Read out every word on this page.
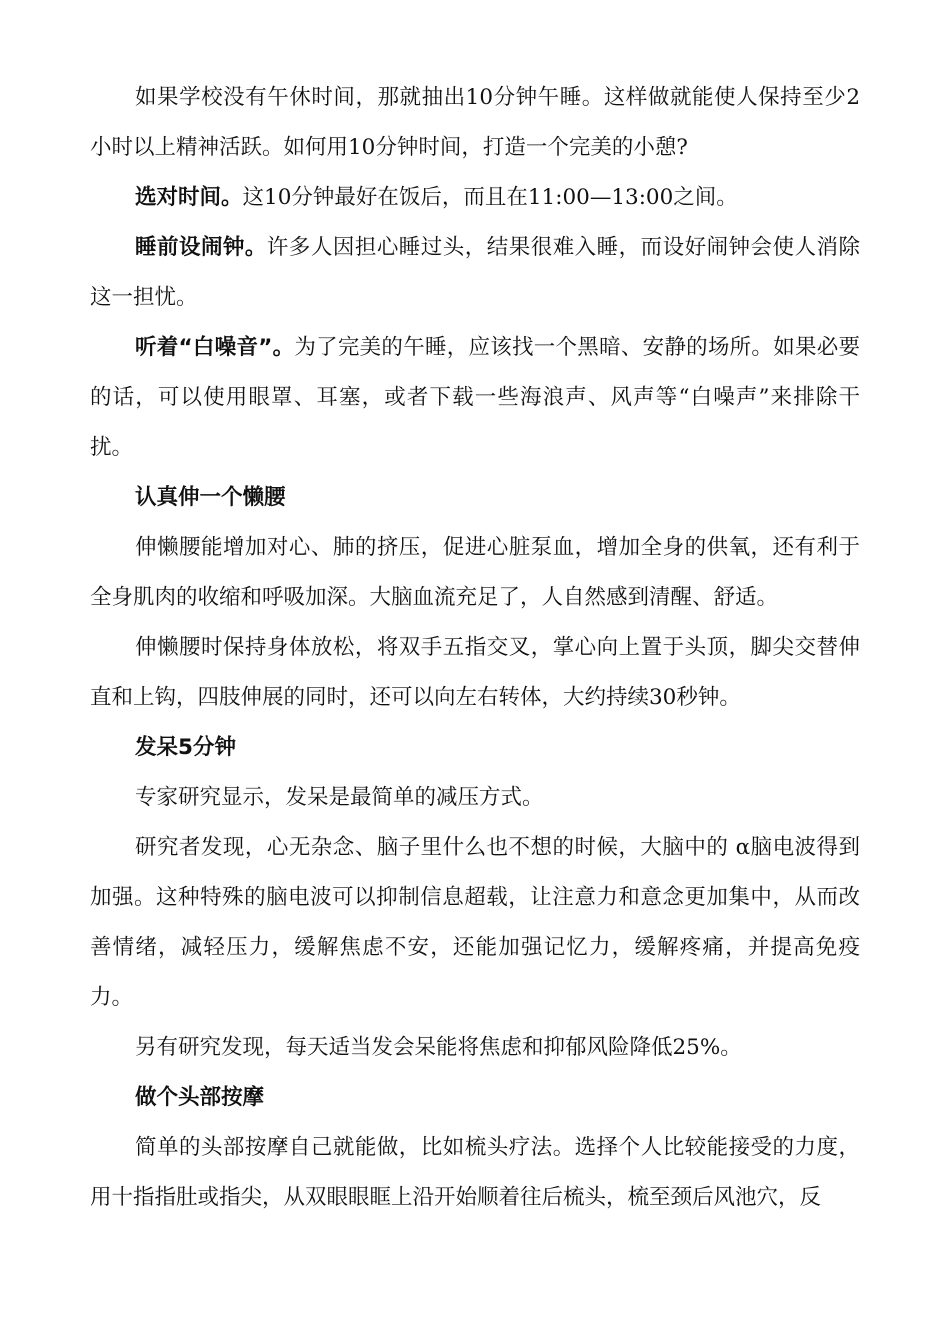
如果学校没有午休时间，那就抽出10分钟午睡。这样做就能使人保持至少2小时以上精神活跃。如何用10分钟时间，打造一个完美的小憩?

选对时间。这10分钟最好在饭后，而且在11:00—13:00之间。

睡前设闹钟。许多人因担心睡过头，结果很难入睡，而设好闹钟会使人消除这一担忧。

听着“白噪音”。为了完美的午睡，应该找一个黑暗、安静的场所。如果必要的话，可以使用眼罩、耳塞，或者下载一些海浪声、风声等“白噪声”来排除干扰。

认真伸一个懒腰

伸懒腰能增加对心、肺的挤压，促进心脏泵血，增加全身的供氧，还有利于全身肌肉的收缩和呼吸加深。大脑血流充足了，人自然感到清醒、舒适。

伸懒腰时保持身体放松，将双手五指交叉，掌心向上置于头顶，脚尖交替伸直和上钩，四肢伸展的同时，还可以向左右转体，大约持续30秒钟。

发呆5分钟

专家研究显示，发呆是最简单的减压方式。

研究者发现，心无杂念、脑子里什么也不想的时候，大脑中的 α脑电波得到加强。这种特殊的脑电波可以抑制信息超载，让注意力和意念更加集中，从而改善情绪，减轻压力，缓解焦虑不安，还能加强记忆力，缓解疼痛，并提高免疫力。

另有研究发现，每天适当发会呆能将焦虑和抑郁风险降低25%。

做个头部按摩

简单的头部按摩自己就能做，比如梳头疗法。选择个人比较能接受的力度，用十指指肚或指尖，从双眼眼眶上沿开始顺着往后梳头，梳至颈后风池穴，反
